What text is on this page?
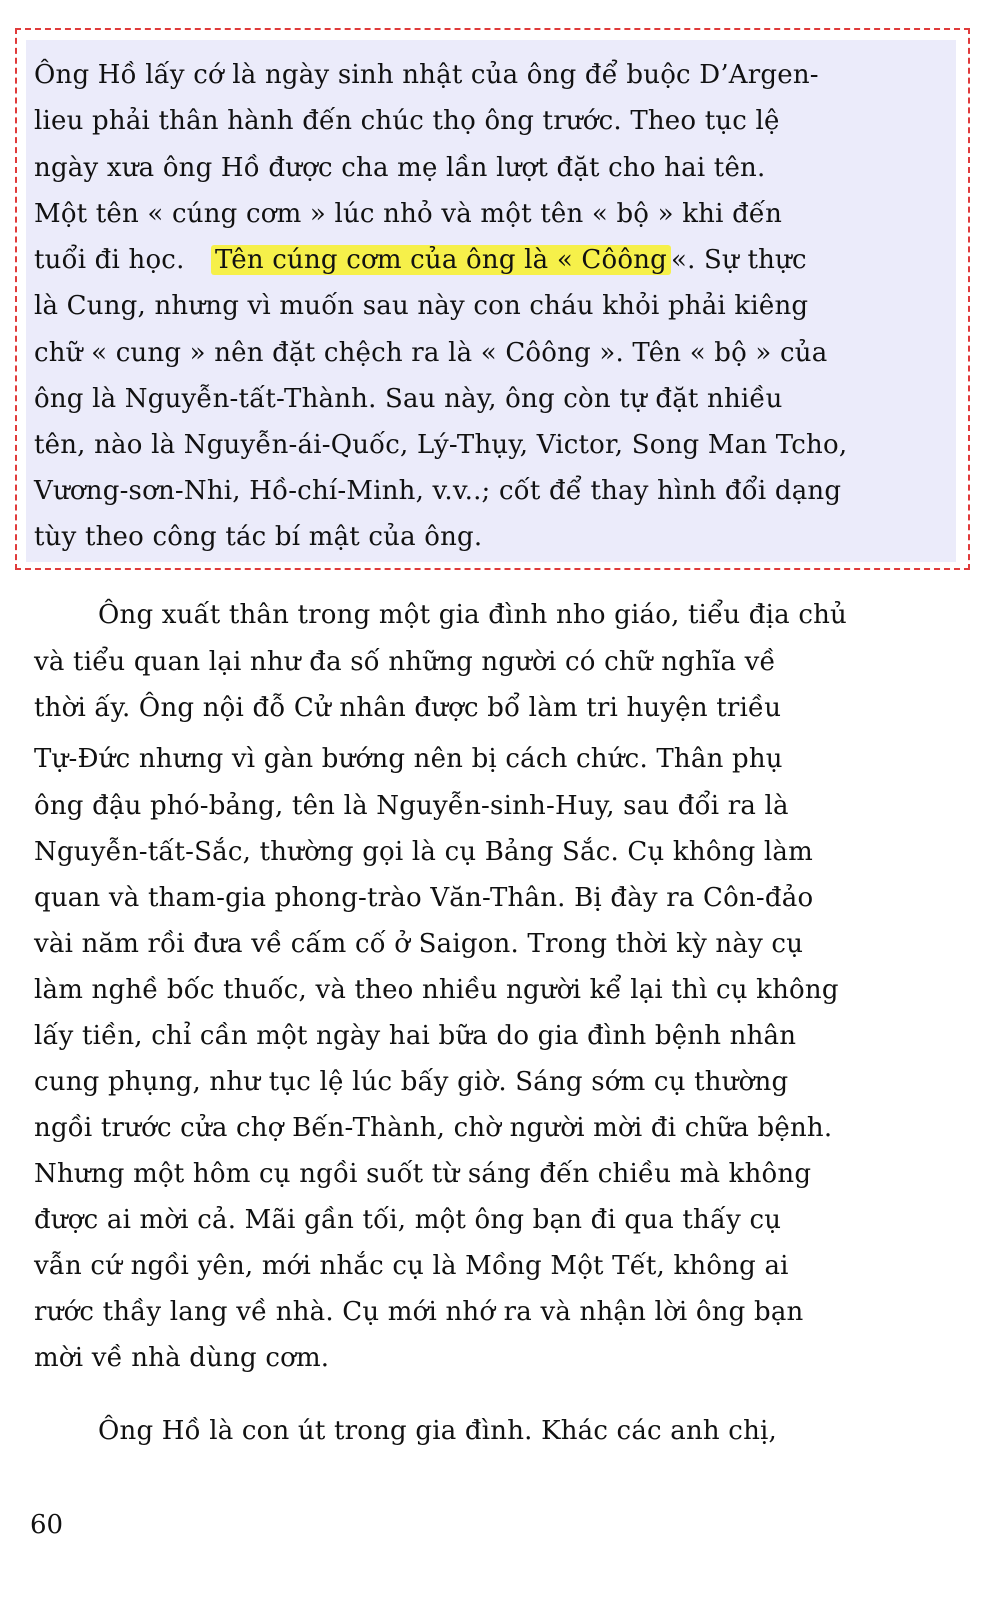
Ông Hồ lấy cớ là ngày sinh nhật của ông để buộc D’Argen-
lieu phải thân hành đến chúc thọ ông trước. Theo tục lệ
ngày xưa ông Hồ được cha mẹ lần lượt đặt cho hai tên.
Một tên « cúng cơm » lúc nhỏ và một tên « bộ » khi đến
tuổi đi học. Tên cúng cơm của ông là « Côông «. Sự thực
là Cung, nhưng vì muốn sau này con cháu khỏi phải kiêng
chữ « cung » nên đặt chệch ra là « Côông ». Tên « bộ » của
ông là Nguyễn-tất-Thành. Sau này, ông còn tự đặt nhiều
tên, nào là Nguyễn-ái-Quốc, Lý-Thụy, Victor, Song Man Tcho,
Vương-sơn-Nhi, Hồ-chí-Minh, v.v..; cốt để thay hình đổi dạng
tùy theo công tác bí mật của ông.
Ông xuất thân trong một gia đình nho giáo, tiểu địa chủ
và tiểu quan lại như đa số những người có chữ nghĩa về
thời ấy. Ông nội đỗ Cử nhân được bổ làm tri huyện triều
Tự-Đức nhưng vì gàn bướng nên bị cách chức. Thân phụ
ông đậu phó-bảng, tên là Nguyễn-sinh-Huy, sau đổi ra là
Nguyễn-tất-Sắc, thường gọi là cụ Bảng Sắc. Cụ không làm
quan và tham-gia phong-trào Văn-Thân. Bị đày ra Côn-đảo
vài năm rồi đưa về cấm cố ở Saigon. Trong thời kỳ này cụ
làm nghề bốc thuốc, và theo nhiều người kể lại thì cụ không
lấy tiền, chỉ cần một ngày hai bữa do gia đình bệnh nhân
cung phụng, như tục lệ lúc bấy giờ. Sáng sớm cụ thường
ngồi trước cửa chợ Bến-Thành, chờ người mời đi chữa bệnh.
Nhưng một hôm cụ ngồi suốt từ sáng đến chiều mà không
được ai mời cả. Mãi gần tối, một ông bạn đi qua thấy cụ
vẫn cứ ngồi yên, mới nhắc cụ là Mồng Một Tết, không ai
rước thầy lang về nhà. Cụ mới nhớ ra và nhận lời ông bạn
mời về nhà dùng cơm.
Ông Hồ là con út trong gia đình. Khác các anh chị,
60
